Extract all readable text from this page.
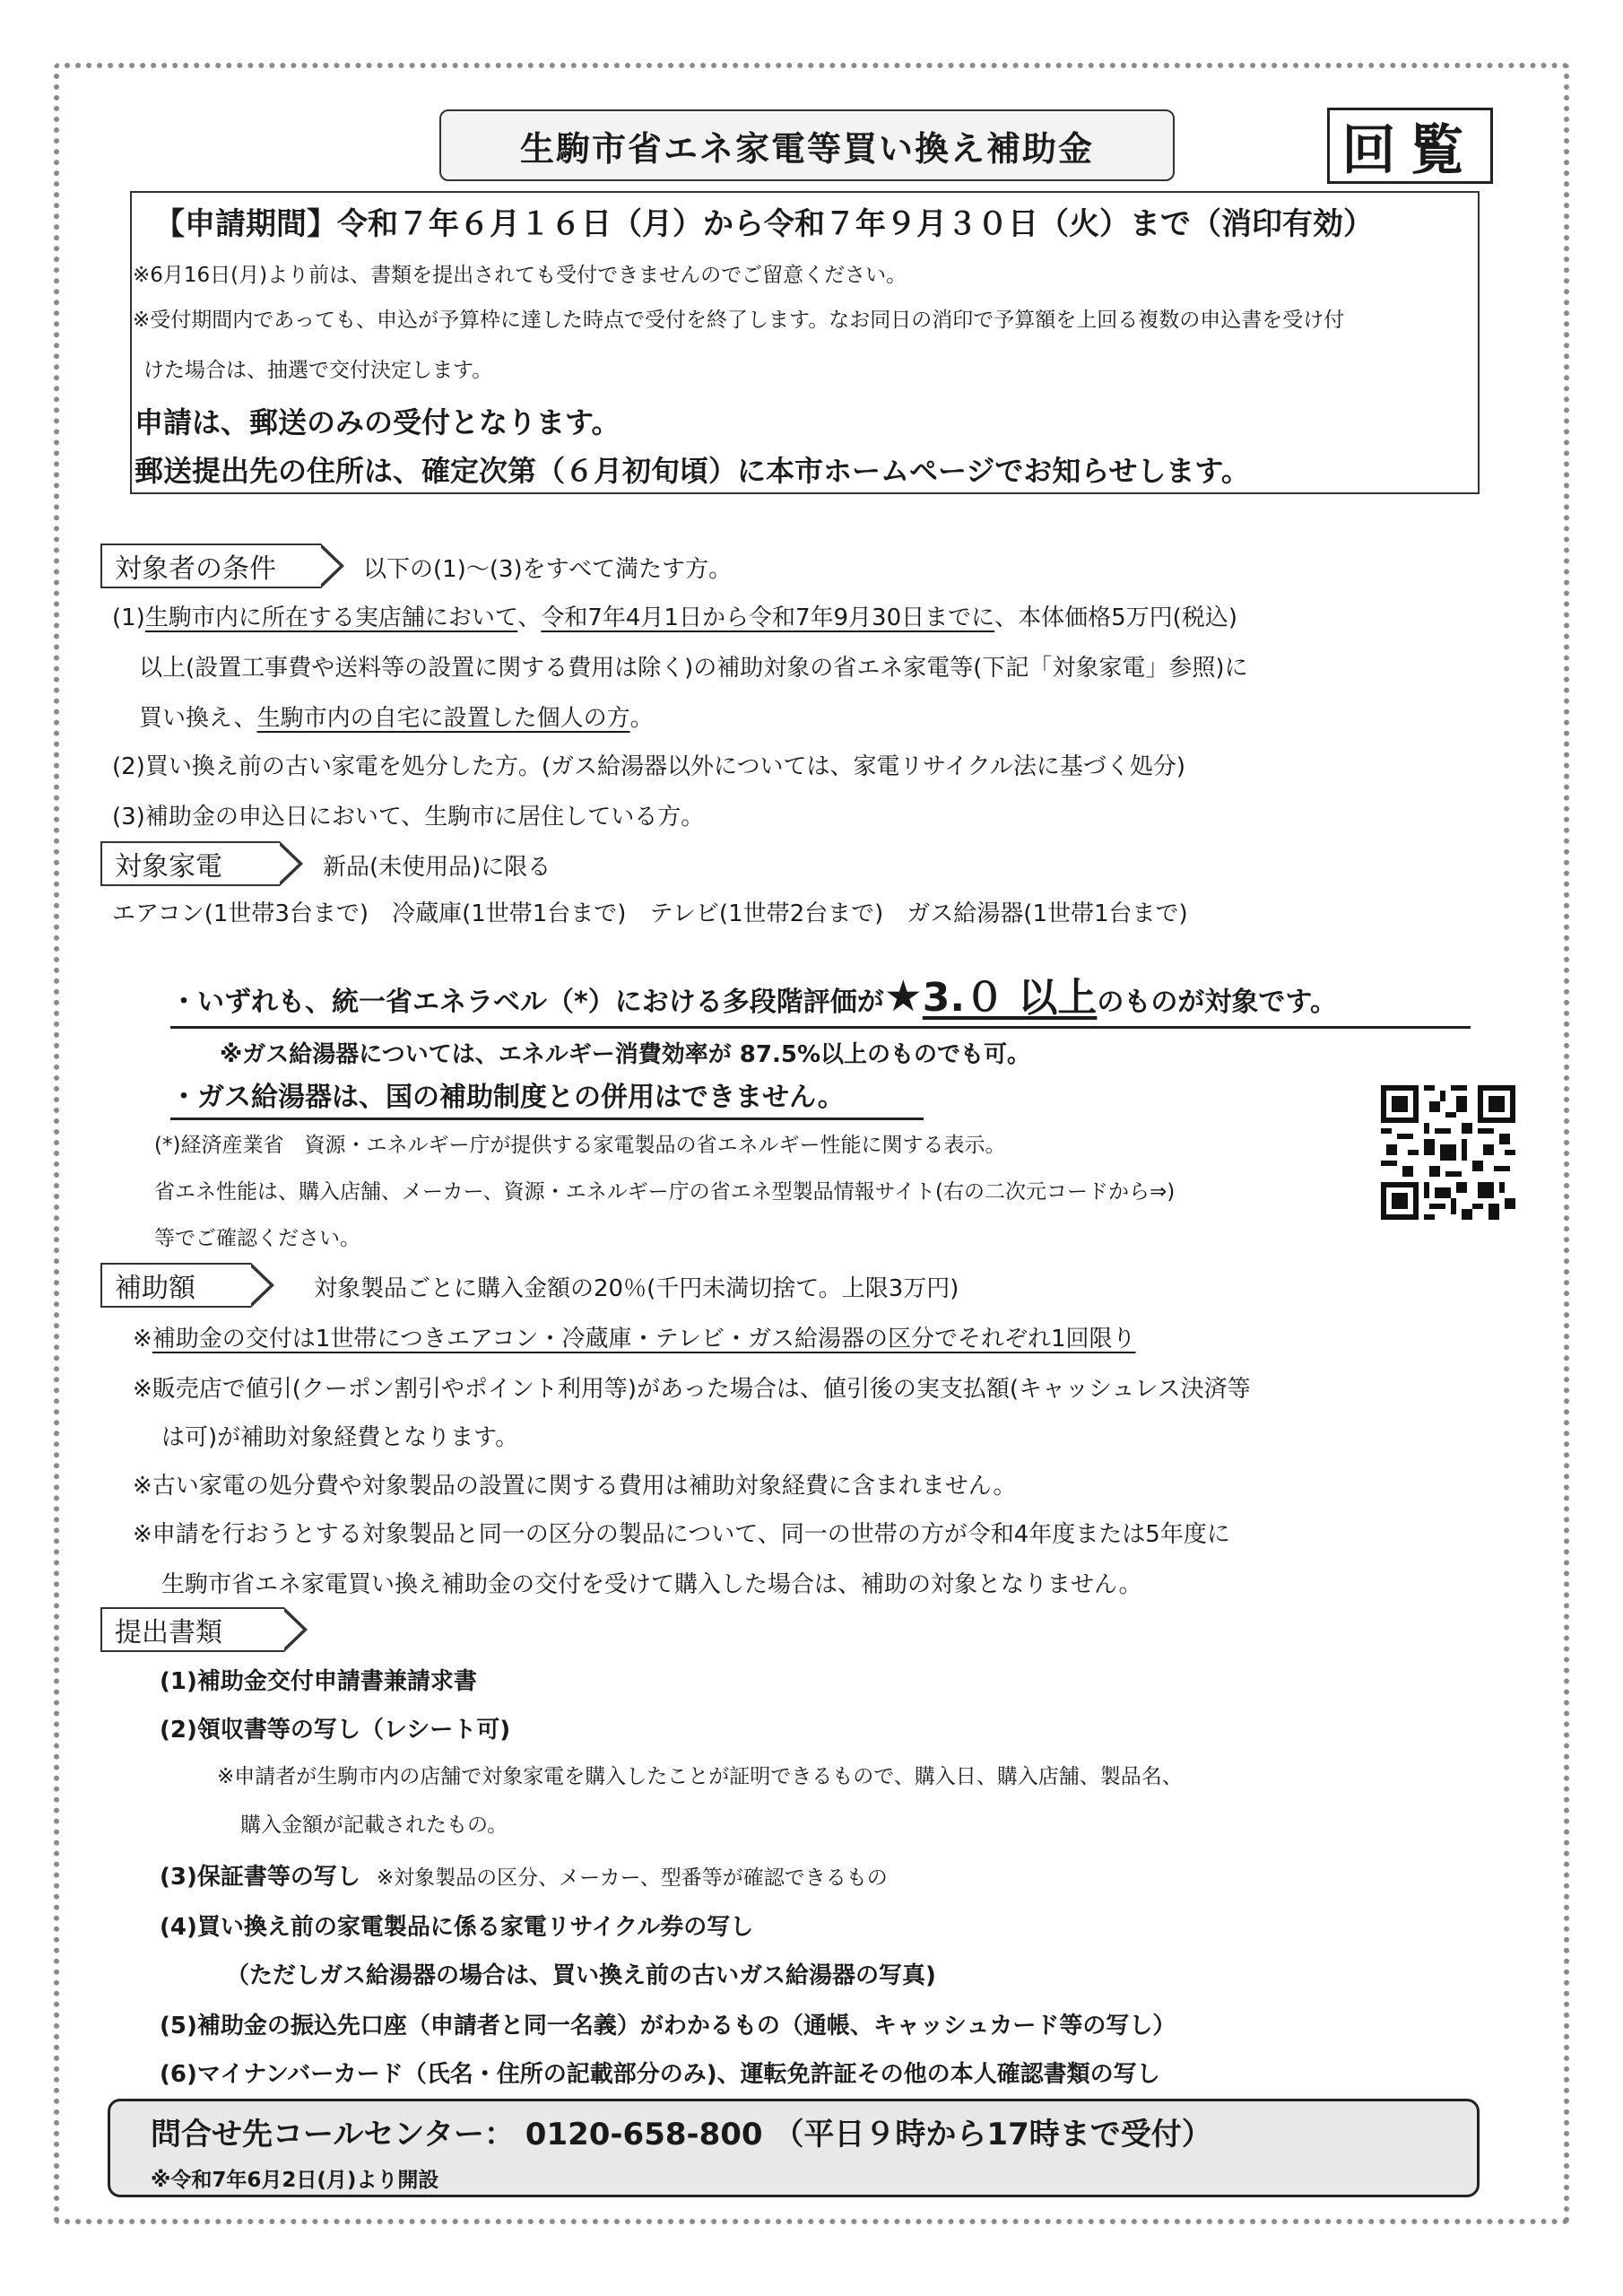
生駒市省エネ家電等買い換え補助金	回覧
【申請期間】令和７年６月１６日（月）から令和７年９月３０日（火）まで（消印有効）
※6月16日(月)より前は、書類を提出されても受付できませんのでご留意ください。
※受付期間内であっても、申込が予算枠に達した時点で受付を終了します。なお同日の消印で予算額を上回る複数の申込書を受け付
けた場合は、抽選で交付決定します。
申請は、郵送のみの受付となります。
郵送提出先の住所は、確定次第（６月初旬頃）に本市ホームページでお知らせします。
対象者の条件	以下の(1)～(3)をすべて満たす方。
(1)生駒市内に所在する実店舗において、令和7年4月1日から令和7年9月30日までに、本体価格5万円(税込)
以上(設置工事費や送料等の設置に関する費用は除く)の補助対象の省エネ家電等(下記「対象家電」参照)に
買い換え、生駒市内の自宅に設置した個人の方。
(2)買い換え前の古い家電を処分した方。(ガス給湯器以外については、家電リサイクル法に基づく処分)
(3)補助金の申込日において、生駒市に居住している方。
対象家電	新品(未使用品)に限る
エアコン(1世帯3台まで)　冷蔵庫(1世帯1台まで)　テレビ(1世帯2台まで)　ガス給湯器(1世帯1台まで)
・いずれも、統一省エネラベル（*）における多段階評価が★3.０ 以上のものが対象です。
※ガス給湯器については、エネルギー消費効率が 87.5%以上のものでも可。
・ガス給湯器は、国の補助制度との併用はできません。
(*)経済産業省　資源・エネルギー庁が提供する家電製品の省エネルギー性能に関する表示。
省エネ性能は、購入店舗、メーカー、資源・エネルギー庁の省エネ型製品情報サイト(右の二次元コードから⇒)
等でご確認ください。
補助額	対象製品ごとに購入金額の20％(千円未満切捨て。上限3万円)
※補助金の交付は1世帯につきエアコン・冷蔵庫・テレビ・ガス給湯器の区分でそれぞれ1回限り
※販売店で値引(クーポン割引やポイント利用等)があった場合は、値引後の実支払額(キャッシュレス決済等
は可)が補助対象経費となります。
※古い家電の処分費や対象製品の設置に関する費用は補助対象経費に含まれません。
※申請を行おうとする対象製品と同一の区分の製品について、同一の世帯の方が令和4年度または5年度に
生駒市省エネ家電買い換え補助金の交付を受けて購入した場合は、補助の対象となりません。
提出書類
(1)補助金交付申請書兼請求書
(2)領収書等の写し（レシート可)
※申請者が生駒市内の店舗で対象家電を購入したことが証明できるもので、購入日、購入店舗、製品名、
購入金額が記載されたもの。
(3)保証書等の写し ※対象製品の区分、メーカー、型番等が確認できるもの
(4)買い換え前の家電製品に係る家電リサイクル券の写し
（ただしガス給湯器の場合は、買い換え前の古いガス給湯器の写真)
(5)補助金の振込先口座（申請者と同一名義）がわかるもの（通帳、キャッシュカード等の写し）
(6)マイナンバーカード（氏名・住所の記載部分のみ)、運転免許証その他の本人確認書類の写し
問合せ先コールセンター： 0120-658-800 （平日９時から17時まで受付）
※令和7年6月2日(月)より開設
